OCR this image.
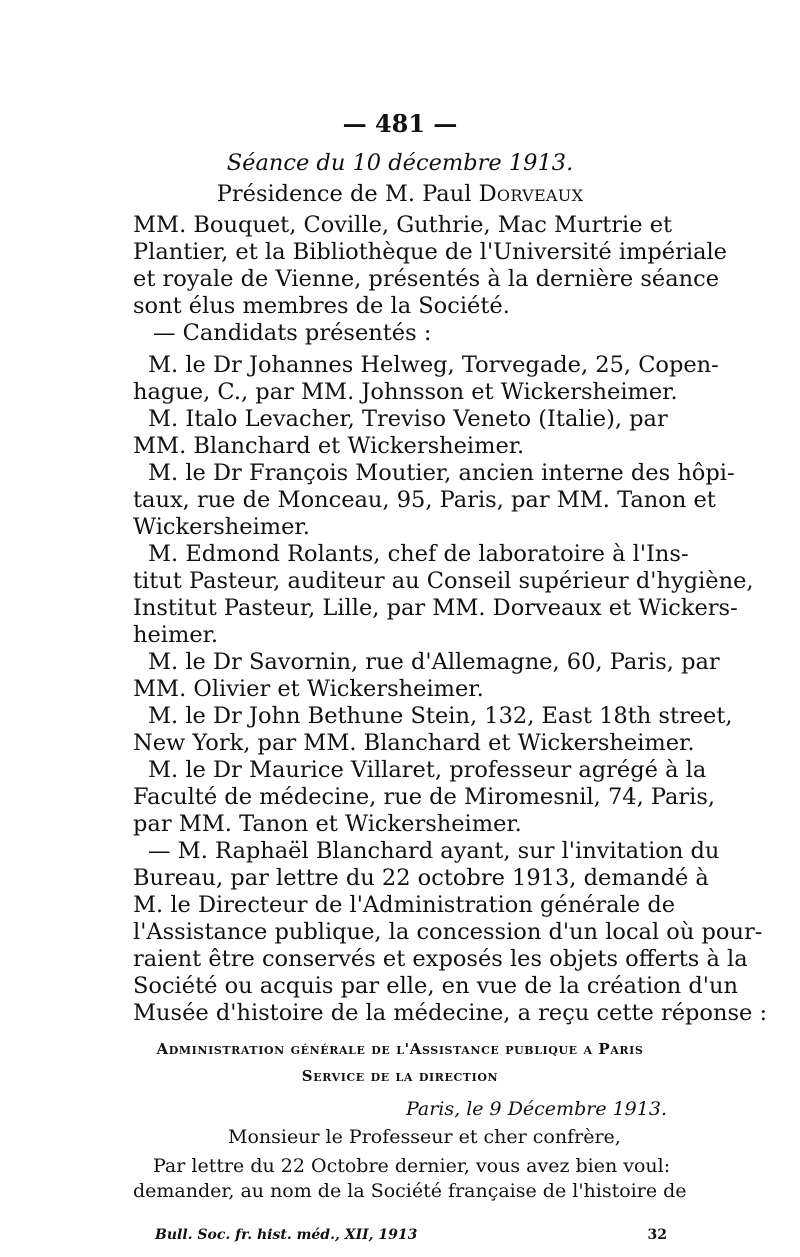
— 481 —
Séance du 10 décembre 1913.
Présidence de M. Paul Dorveaux
MM. Bouquet, Coville, Guthrie, Mac Murtrie et
Plantier, et la Bibliothèque de l'Université impériale
et royale de Vienne, présentés à la dernière séance
sont élus membres de la Société.
— Candidats présentés :
M. le Dr Johannes Helweg, Torvegade, 25, Copen-
hague, C., par MM. Johnsson et Wickersheimer.
M. Italo Levacher, Treviso Veneto (Italie), par
MM. Blanchard et Wickersheimer.
M. le Dr François Moutier, ancien interne des hôpi-
taux, rue de Monceau, 95, Paris, par MM. Tanon et
Wickersheimer.
M. Edmond Rolants, chef de laboratoire à l'Ins-
titut Pasteur, auditeur au Conseil supérieur d'hygiène,
Institut Pasteur, Lille, par MM. Dorveaux et Wickers-
heimer.
M. le Dr Savornin, rue d'Allemagne, 60, Paris, par
MM. Olivier et Wickersheimer.
M. le Dr John Bethune Stein, 132, East 18th street,
New York, par MM. Blanchard et Wickersheimer.
M. le Dr Maurice Villaret, professeur agrégé à la
Faculté de médecine, rue de Miromesnil, 74, Paris,
par MM. Tanon et Wickersheimer.
— M. Raphaël Blanchard ayant, sur l'invitation du
Bureau, par lettre du 22 octobre 1913, demandé à
M. le Directeur de l'Administration générale de
l'Assistance publique, la concession d'un local où pour-
raient être conservés et exposés les objets offerts à la
Société ou acquis par elle, en vue de la création d'un
Musée d'histoire de la médecine, a reçu cette réponse :
Administration générale de l'Assistance publique a Paris
Service de la direction
Paris, le 9 Décembre 1913.
Monsieur le Professeur et cher confrère,
Par lettre du 22 Octobre dernier, vous avez bien voul:
demander, au nom de la Société française de l'histoire de
Bull. Soc. fr. hist. méd., XII, 1913	32
